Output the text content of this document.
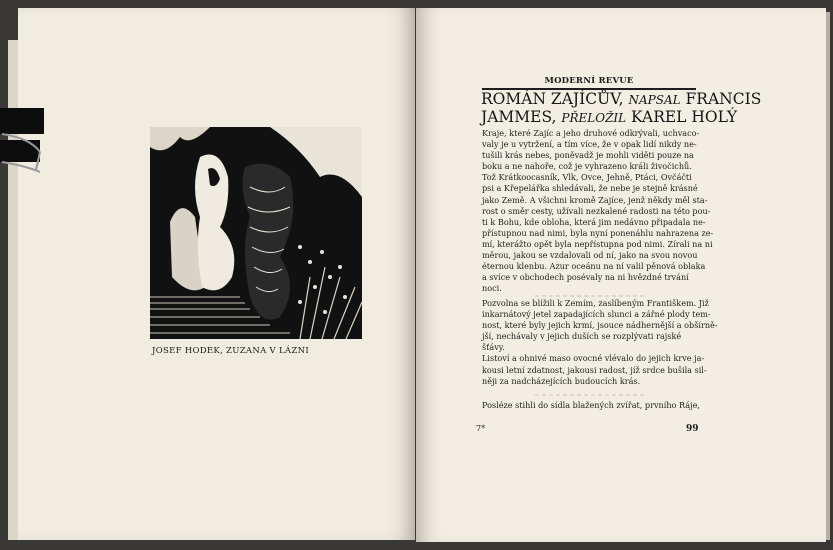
JOSEF HODEK, ZUZANA V LÁZNI
7*
MODERNÍ REVUE
ROMÁN ZAJÍCŮV, NAPSAL FRANCIS
JAMMES, PŘELOŽIL KAREL HOLÝ
Kraje, které Zajíc a jeho druhové odkrývali, uchvaco-
valy je u vytržení, a tím více, že v opak lidí nikdy ne-
tušili krás nebes, poněvadž je mohli viděti pouze na
boku a ne nahoře, což je vyhrazeno králi živočichů.
Tož Krátkoocasník, Vlk, Ovce, Jehně, Ptáci, Ovčáčti
psi a Křepelářka shledávali, že nebe je stejně krásné
jako Země. A všichni kromě Zajíce, jenž někdy měl sta-
rost o směr cesty, užívali nezkalené radosti na této pou-
ti k Bohu, kde obloha, která jim nedávno připadala ne-
přístupnou nad nimi, byla nyní ponenáhlu nahrazena ze-
mí, kterážto opět byla nepřístupna pod nimi. Zírali na ni
měrou, jakou se vzdalovali od ní, jako na svou novou
éternou klenbu. Azur oceánu na ní valil pěnová oblaka
a svíce v obchodech posévaly na ni hvězdné trvání
noci.
Pozvolna se blížili k Zemím, zaslíbeným Františkem. Již
inkarnátový jetel zapadajících slunci a zářné plody tem-
nost, které byly jejich krmí, jsouce nádhernější a obšírně-
jší, nechávaly v jejich duších se rozplývati rajské
šťávy.
Listoví a ohnivé maso ovocné vlévalo do jejich krve ja-
kousi letní zdatnost, jakousi radost, jíž srdce bušila sil-
něji za nadcházejících budoucích krás.
Posléze stihli do sídla blažených zvířat, prvního Ráje,
99
